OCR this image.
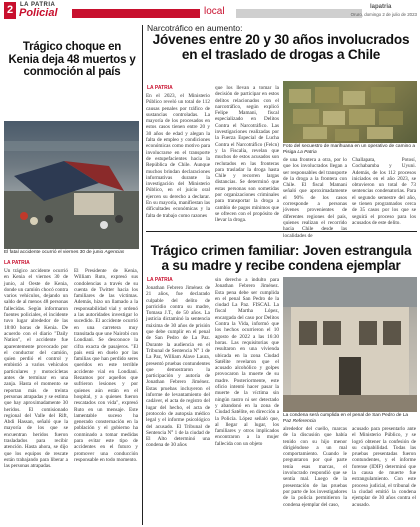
2	LA PATRIA
Policial	local	lapatria
Oruro, domingo 2 de julio de 2023
Trágico choque en Kenia deja 48 muertos y conmoción al país
El fatal accidente ocurrió el viernes 30 de junio Agencias
LA PATRIA
Un trágico accidente ocurrió en Kenia el viernes 30 de junio, al Oeste de Kenia, donde un camión chocó contra varios vehículos, dejando un saldo de al menos 48 personas fallecidas. Según informaron fuentes policiales, el incidente tuvo lugar alrededor de las 18:00 horas de Kenia. De acuerdo con el diario "Daily Nation", el accidente fue aparentemente provocado por el conductor del camión, quien perdió el control y embistió a varios vehículos particulares y motocicletas antes de terminar en una zanja. Hasta el momento se reportan más de treinta personas atrapadas y se estima que hay aproximadamente 30 heridos. El comisionado regional del Valle del Rift, Abdi Hassan, señaló que la mayoría de los que se encuentran heridos fueron trasladados para recibir atención. Hasta ahora, se dijo que los equipos de rescate están trabajando para liberar a las personas atrapadas.
El Presidente de Kenia, William Ruto, expresó sus condolencias a través de su cuenta de Twitter hacia los familiares de las víctimas. Además, hizo un llamado a la responsabilidad vial y ordenó a las autoridades investigar lo sucedido. El accidente ocurrió en una carretera muy transitada que une Nairobi con Londiani. Se desconoce la cifra exacta de pasajeros. "El país está en duelo por las familias que han perdido seres queridos en este terrible accidente vial en Londiani. Rezamos por aquellos que sufrieron lesiones y por quienes aún están en el hospital, y a quienes fueron rescatados con vida", expresó Ruto en un mensaje. Este lamentable suceso ha generado consternación en la población y el gobierno ha conminado a tomar medidas para evitar este tipo de accidentes en el futuro y promover una conducción responsable en todo momento.
Narcotráfico en aumento:
Jóvenes entre 20 y 30 años involucrados en el traslado de drogas a Chile
LA PATRIA
En el 2023, el Ministerio Público reveló un total de 112 causas penales por tráfico de sustancias controladas. La mayoría de los procesados en estos casos tienen entre 20 y 30 años de edad y alegan la falta de empleo y condiciones económicas como motivo para involucrarse en el transporte de estupefacientes hacia la República de Chile. Aunque muchos brindan declaraciones informativas durante la investigación del Ministerio Público, en el juicio oral ejercen su derecho a declarar. En su mayoría, manifiestan las dificultades económicas y la falta de trabajo como razones
que los llevan a tomar la decisión de participar en estos delitos relacionados con el narcotráfico, según explicó Felipe Mamani, fiscal especializado en Delitos Contra el Narcotráfico. Las investigaciones realizadas por la Fuerza Especial de Lucha Contra el Narcotráfico (Felcn) y la Fiscalía, revelan que muchos de estos acusados son reclutados en las fronteras para trasladar la droga hasta Chile y recorren largas distancias. Se determinó que estas personas son sometidas por organizaciones criminales para transportar la droga a cambio de pagos mínimos que se ofrecen con el propósito de llevar la droga.
Foto del secuestro de marihuana en un operativo de camino a Pisiga La Patria
de una frontera a otra, por lo que los involucrados llegan a ser responsables del transporte de la droga a la frontera con Chile. El fiscal Mamani señaló que aproximadamente el 90% de los casos corresponde a personas jóvenes provenientes de diferentes regiones del país, quienes realizan el recorrido hacia Chile desde las localidades de
Challapata, Potosí, Cochabamba y Uyuni. Además, de los 112 procesos iniciados en el año 2023, se obtuvieron un total de 73 sentencias condenatorias. Para el segundo semestre del año, se tienen programados cerca de 35 casos por los que se seguirá el proceso para los acusados de este delito.
Trágico crimen familiar: Joven estrangula a su madre y recibe condena ejemplar
LA PATRIA
Jonathan Febrero Jiménez de 21 años, fue declarado culpable del delito de parricidio contra su madre, Tomasa J.T., de 50 años. La justicia dictaminó la sentencia máxima de 30 años de prisión que debe cumplir en el penal de San Pedro de La Paz. Durante la audiencia en el Tribunal de Sentencia N° 1 de La Paz, William Alave Laura, presentó pruebas contundentes que demostraron la participación y autoría de Jonathan Febrero Jiménez. Estas pruebas incluyeron el informe de levantamiento del cadáver, el acta de registro del lugar del hecho, el acta de protocolo de autopsia médico legal y el informe psicológico del acusado. El Tribunal de Sentencia N° 1 de la ciudad de El Alto determinó una condena de 30 años
sin derecho a indulto para Jonathan Febrero Jiménez. Esta pena debe ser cumplida en el penal San Pedro de la ciudad La Paz. FISCAL La fiscal Martha López, encargada del caso por Delitos Contra la Vida, informó que los hechos ocurrieron el 10 agosto de 2022 a las 16:30 horas. Las requisitorias que resultaron en una vivienda ubicada en la zona Ciudad Satélite revelaron que el acusado alcohólico y golpes provocaron la muerte de su madre. Posteriormente, este oficio intentó hacer pasar la muerte de la víctima sin ningún rastro ni ser detectado y abandonó en la zona de Ciudad Satélite, en dirección a la Policía. López señaló que, al llegar al lugar, los familiares y otros implicados encontraron a la mujer fallecida con un objeto
La condena será cumplida en el penal de San Pedro de La Paz Referencia
alrededor del cuello, marcas de la discusión que había tenido con su hijo menor dirigiéndose a un mal comportamiento. Cuando le preguntaron por qué parte tenía esas marcas, el involucrado respondió que se sentía mal. Luego de la presentación de las pruebas por parte de los investigadores de la policía permitieron la condena ejemplar del caso,
acusado para presentarlo ante el Ministerio Público, y se logró obtener la confesión de su culpabilidad. Todas las pruebas presentadas fueron contundentes, y el informe forense (IDIF) determinó que la causa de muerte fue estrangulamiento. Con este proceso judicial, el tribunal de la ciudad emitió la condena ejemplar de 30 años contra el acusado.
